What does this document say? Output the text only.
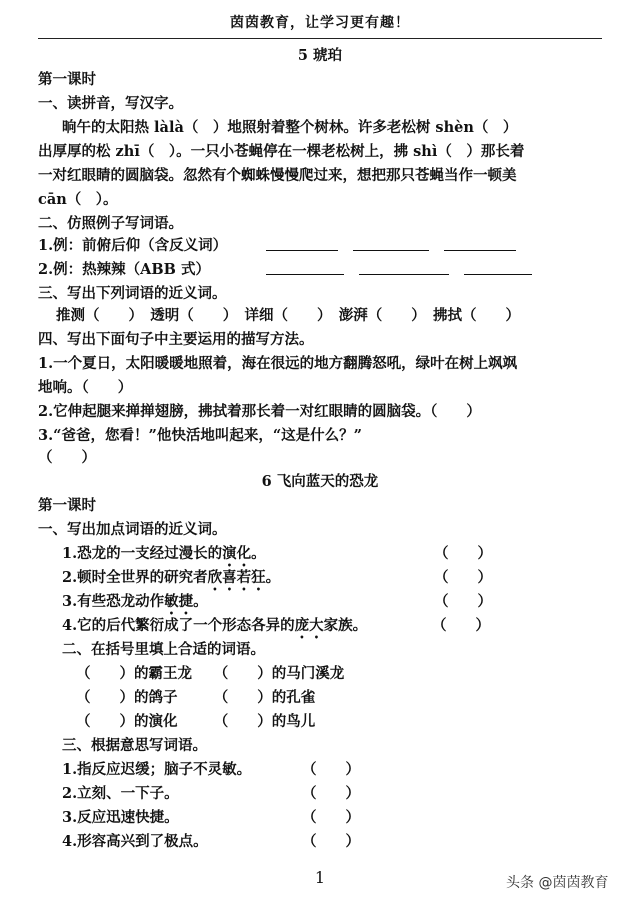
茵茵教育，让学习更有趣！
5 琥珀
第一课时
一、读拼音，写汉字。
晌午的太阳热 làlà（　）地照射着整个树林。许多老松树 shèn（　）
出厚厚的松 zhī（　）。一只小苍蝇停在一棵老松树上，拂 shì（　）那长着
一对红眼睛的圆脑袋。忽然有个蜘蛛慢慢爬过来，想把那只苍蝇当作一顿美
cān（　）。
二、仿照例子写词语。
1.例：前俯后仰（含反义词）

2.例：热辣辣（ABB 式）

三、写出下列词语的近义词。
推测（　　）　透明（　　）　详细（　　）　澎湃（　　）　拂拭（　　）
四、写出下面句子中主要运用的描写方法。
1.一个夏日，太阳暖暖地照着，海在很远的地方翻腾怒吼，绿叶在树上飒飒
地响。（　　）
2.它伸起腿来掸掸翅膀，拂拭着那长着一对红眼睛的圆脑袋。（　　）
3.“爸爸，您看！”他快活地叫起来，“这是什么？”
（　　）
6 飞向蓝天的恐龙
第一课时
一、写出加点词语的近义词。
1.恐龙的一支经过漫长的演化。	（　　）
2.顿时全世界的研究者欣喜若狂。	（　　）
3.有些恐龙动作敏捷。	（　　）
4.它的后代繁衍成了一个形态各异的庞大家族。	（　　）
二、在括号里填上合适的词语。
（　　）的霸王龙　　（　　）的马门溪龙
（　　）的鸽子　　　（　　）的孔雀
（　　）的演化　　　（　　）的鸟儿
三、根据意思写词语。
1.指反应迟缓；脑子不灵敏。	（　　）
2.立刻、一下子。	（　　）
3.反应迅速快捷。	（　　）
4.形容高兴到了极点。	（　　）
1	头条 @茵茵教育
